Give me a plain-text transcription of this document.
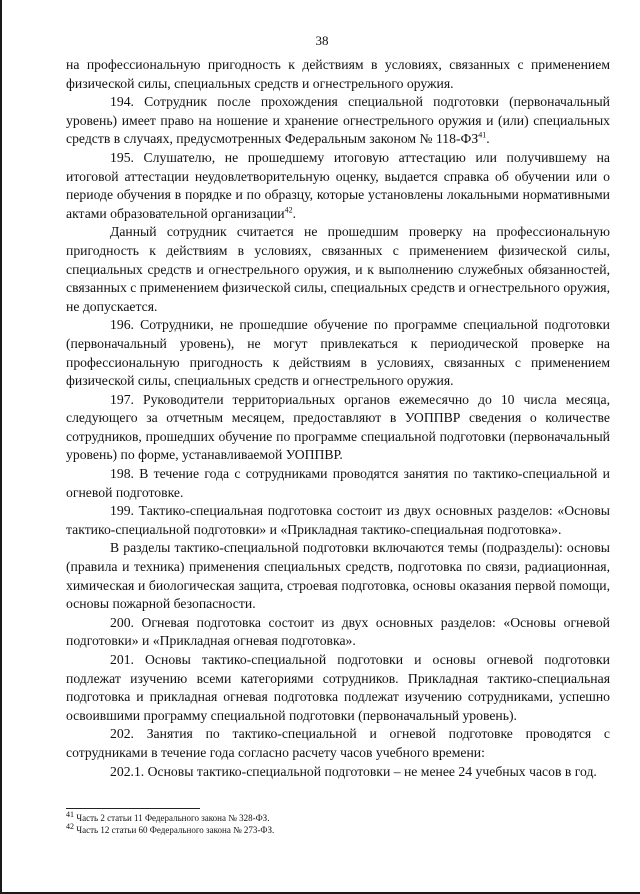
38

на профессиональную пригодность к действиям в условиях, связанных с применением физической силы, специальных средств и огнестрельного оружия.

194. Сотрудник после прохождения специальной подготовки (первоначальный уровень) имеет право на ношение и хранение огнестрельного оружия и (или) специальных средств в случаях, предусмотренных Федеральным законом № 118-ФЗ$^{41}$.

195. Слушателю, не прошедшему итоговую аттестацию или получившему на итоговой аттестации неудовлетворительную оценку, выдается справка об обучении или о периоде обучения в порядке и по образцу, которые установлены локальными нормативными актами образовательной организации$^{42}$.

Данный сотрудник считается не прошедшим проверку на профессиональную пригодность к действиям в условиях, связанных с применением физической силы, специальных средств и огнестрельного оружия, и к выполнению служебных обязанностей, связанных с применением физической силы, специальных средств и огнестрельного оружия, не допускается.

196. Сотрудники, не прошедшие обучение по программе специальной подготовки (первоначальный уровень), не могут привлекаться к периодической проверке на профессиональную пригодность к действиям в условиях, связанных с применением физической силы, специальных средств и огнестрельного оружия.

197. Руководители территориальных органов ежемесячно до 10 числа месяца, следующего за отчетным месяцем, предоставляют в УОППВР сведения о количестве сотрудников, прошедших обучение по программе специальной подготовки (первоначальный уровень) по форме, устанавливаемой УОППВР.

198. В течение года с сотрудниками проводятся занятия по тактико-специальной и огневой подготовке.

199. Тактико-специальная подготовка состоит из двух основных разделов: «Основы тактико-специальной подготовки» и «Прикладная тактико-специальная подготовка».

В разделы тактико-специальной подготовки включаются темы (подразделы): основы (правила и техника) применения специальных средств, подготовка по связи, радиационная, химическая и биологическая защита, строевая подготовка, основы оказания первой помощи, основы пожарной безопасности.

200. Огневая подготовка состоит из двух основных разделов: «Основы огневой подготовки» и «Прикладная огневая подготовка».

201. Основы тактико-специальной подготовки и основы огневой подготовки подлежат изучению всеми категориями сотрудников. Прикладная тактико-специальная подготовка и прикладная огневая подготовка подлежат изучению сотрудниками, успешно освоившими программу специальной подготовки (первоначальный уровень).

202. Занятия по тактико-специальной и огневой подготовке проводятся с сотрудниками в течение года согласно расчету часов учебного времени:

202.1. Основы тактико-специальной подготовки – не менее 24 учебных часов в год.

$^{41}$ Часть 2 статьи 11 Федерального закона № 328-ФЗ.

$^{42}$ Часть 12 статьи 60 Федерального закона № 273-ФЗ.
